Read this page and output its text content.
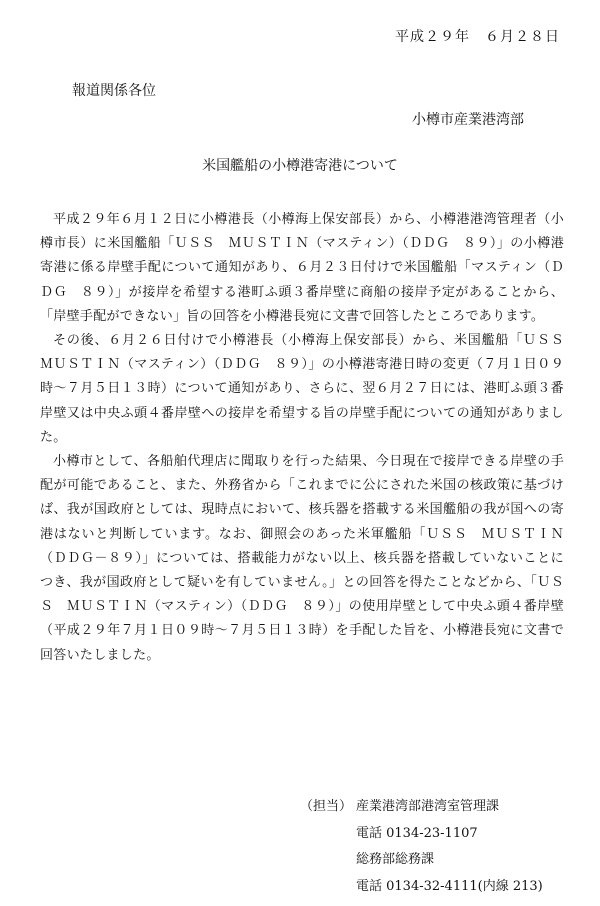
平成２９年　６月２８日
報道関係各位
小樽市産業港湾部
米国艦船の小樽港寄港について

平成２９年６月１２日に小樽港長（小樽海上保安部長）から、小樽港港湾管理者（小樽市長）に米国艦船「ＵＳＳ　ＭＵＳＴＩＮ（マスティン）（ＤＤＧ　８９）」の小樽港寄港に係る岸壁手配について通知があり、６月２３日付けで米国艦船「マスティン（ＤＤＧ　８９）」が接岸を希望する港町ふ頭３番岸壁に商船の接岸予定があることから、「岸壁手配ができない」旨の回答を小樽港長宛に文書で回答したところであります。

その後、６月２６日付けで小樽港長（小樽海上保安部長）から、米国艦船「ＵＳＳ　ＭＵＳＴＩＮ（マスティン）（ＤＤＧ　８９）」の小樽港寄港日時の変更（７月１日０９時〜７月５日１３時）について通知があり、さらに、翌６月２７日には、港町ふ頭３番岸壁又は中央ふ頭４番岸壁への接岸を希望する旨の岸壁手配についての通知がありました。

小樽市として、各船舶代理店に聞取りを行った結果、今日現在で接岸できる岸壁の手配が可能であること、また、外務省から「これまでに公にされた米国の核政策に基づけば、我が国政府としては、現時点において、核兵器を搭載する米国艦船の我が国への寄港はないと判断しています。なお、御照会のあった米軍艦船「ＵＳＳ　ＭＵＳＴＩＮ（ＤＤＧ－８９）」については、搭載能力がない以上、核兵器を搭載していないことにつき、我が国政府として疑いを有していません。」との回答を得たことなどから、「ＵＳＳ　ＭＵＳＴＩＮ（マスティン）（ＤＤＧ　８９）」の使用岸壁として中央ふ頭４番岸壁（平成２９年７月１日０９時〜７月５日１３時）を手配した旨を、小樽港長宛に文書で回答いたしました。

（担当） 産業港湾部港湾室管理課
電話 0134-23-1107
総務部総務課
電話 0134-32-4111(内線 213)
